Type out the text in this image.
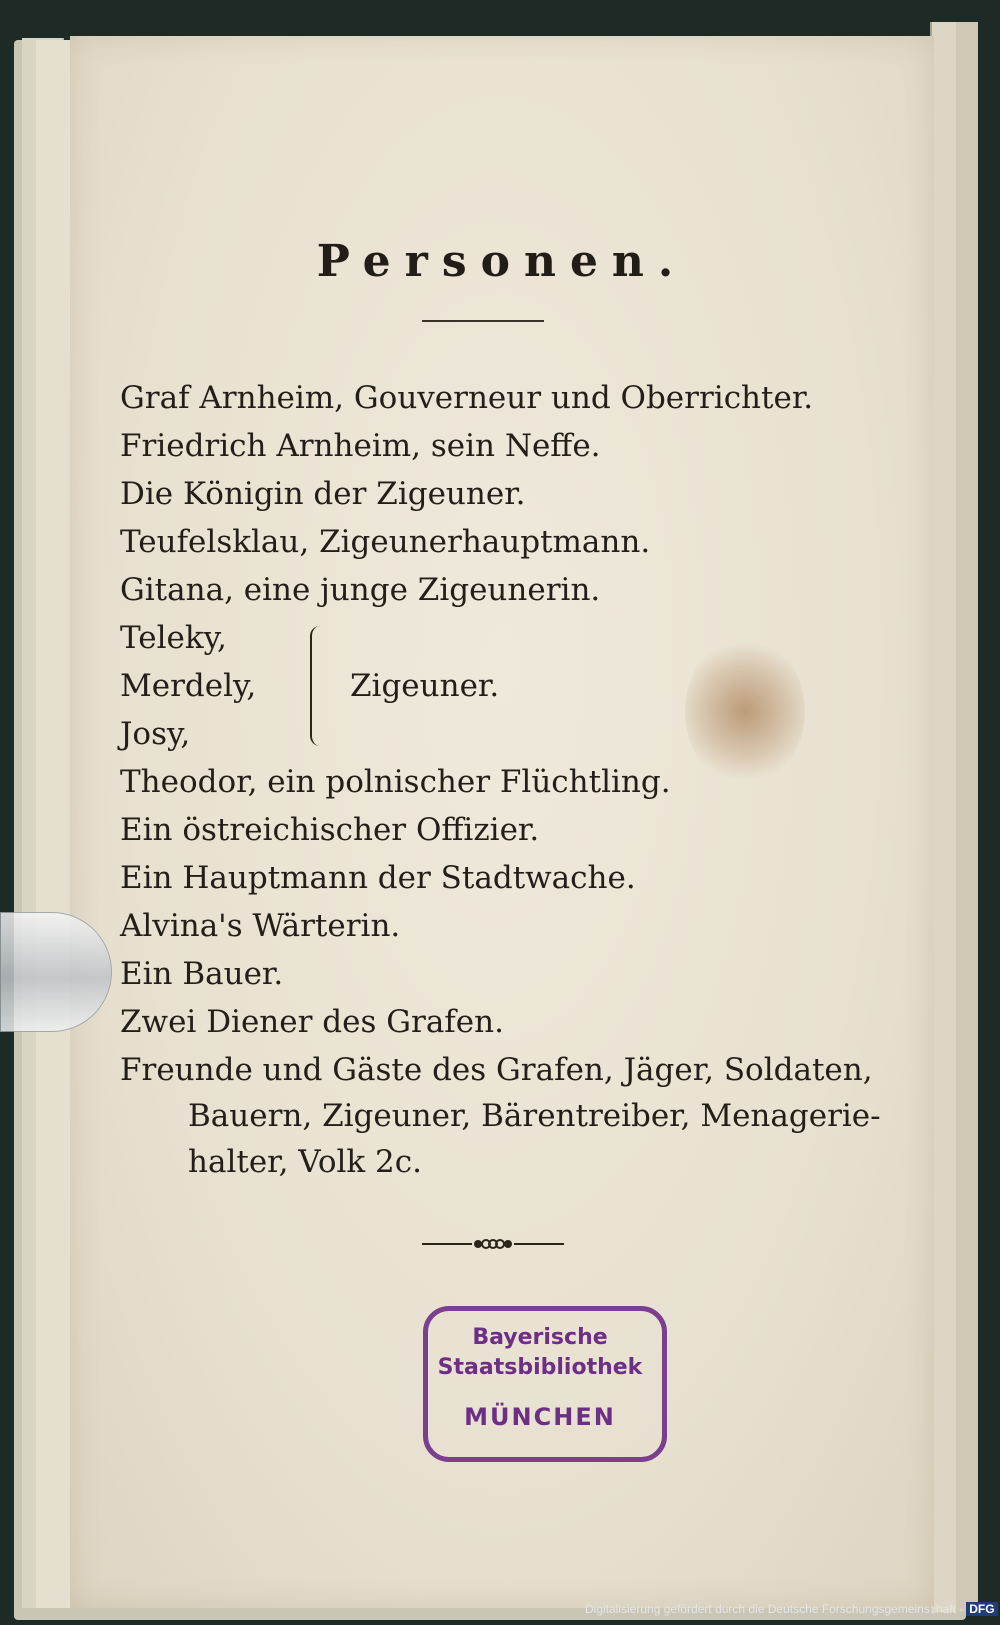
Personen.
Graf Arnheim, Gouverneur und Oberrichter.
Friedrich Arnheim, sein Neffe.
Die Königin der Zigeuner.
Teufelsklau, Zigeunerhauptmann.
Gitana, eine junge Zigeunerin.
Teleky,
Merdely,
Josy,
Zigeuner.
Theodor, ein polnischer Flüchtling.
Ein östreichischer Offizier.
Ein Hauptmann der Stadtwache.
Alvina's Wärterin.
Ein Bauer.
Zwei Diener des Grafen.
Freunde und Gäste des Grafen, Jäger, Soldaten,
Bauern, Zigeuner, Bärentreiber, Menagerie-
halter, Volk 2c.
Bayerische
Staatsbibliothek
MÜNCHEN
Digitalisierung gefördert durch die Deutsche Forschungsgemeinschaft - DFG
